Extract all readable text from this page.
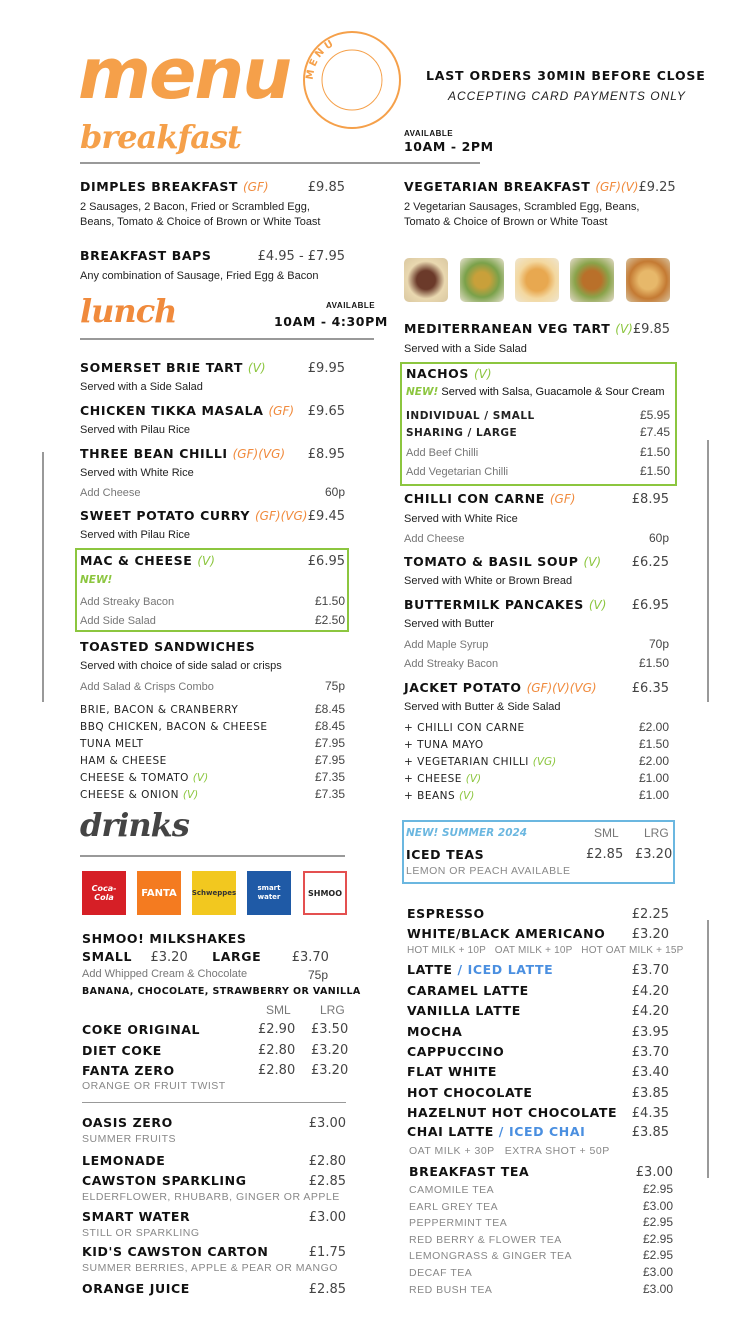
menu MENU
LAST ORDERS 30MIN BEFORE CLOSE
ACCEPTING CARD PAYMENTS ONLY
breakfast	AVAILABLE
10AM - 2PM
DIMPLES BREAKFAST (GF)	£9.85
2 Sausages, 2 Bacon, Fried or Scrambled Egg,
Beans, Tomato & Choice of Brown or White Toast
BREAKFAST BAPS	£4.95 - £7.95
Any combination of Sausage, Fried Egg & Bacon
VEGETARIAN BREAKFAST (GF)(V) £9.25
2 Vegetarian Sausages, Scrambled Egg, Beans,
Tomato & Choice of Brown or White Toast
lunch	AVAILABLE
10AM - 4:30PM
SOMERSET BRIE TART (V)	£9.95
Served with a Side Salad
CHICKEN TIKKA MASALA (GF) £9.65
Served with Pilau Rice
THREE BEAN CHILLI (GF)(VG) £8.95
Served with White Rice
Add Cheese	60p
SWEET POTATO CURRY (GF)(VG) £9.45
Served with Pilau Rice
MAC & CHEESE (V)	£6.95
NEW!
Add Streaky Bacon	£1.50
Add Side Salad	£2.50
TOASTED SANDWICHES
Served with choice of side salad or crisps
Add Salad & Crisps Combo	75p
BRIE, BACON & CRANBERRY	£8.45
BBQ CHICKEN, BACON & CHEESE	£8.45
TUNA MELT	£7.95
HAM & CHEESE	£7.95
CHEESE & TOMATO (V)	£7.35
CHEESE & ONION (V)	£7.35
MEDITERRANEAN VEG TART (V) £9.85
Served with a Side Salad
NACHOS (V)
NEW! Served with Salsa, Guacamole & Sour Cream
INDIVIDUAL / SMALL	£5.95
SHARING / LARGE	£7.45
Add Beef Chilli	£1.50
Add Vegetarian Chilli	£1.50
CHILLI CON CARNE (GF)	£8.95
Served with White Rice
Add Cheese	60p
TOMATO & BASIL SOUP (V) £6.25
Served with White or Brown Bread
BUTTERMILK PANCAKES (V) £6.95
Served with Butter
Add Maple Syrup	70p
Add Streaky Bacon	£1.50
JACKET POTATO (GF)(V)(VG)	£6.35
Served with Butter & Side Salad
+ CHILLI CON CARNE	£2.00
+ TUNA MAYO	£1.50
+ VEGETARIAN CHILLI (VG)	£2.00
+ CHEESE (V)	£1.00
+ BEANS (V)	£1.00
drinks
Coca-Cola	FANTA	Schweppes
smart water	SHMOO
SHMOO! MILKSHAKES
SMALL £3.20 LARGE £3.70
Add Whipped Cream & Chocolate	75p
BANANA, CHOCOLATE, STRAWBERRY OR VANILLA
SML LRG
COKE ORIGINAL	£2.90 £3.50
DIET COKE	£2.80 £3.20
FANTA ZERO	£2.80 £3.20
ORANGE OR FRUIT TWIST
OASIS ZERO	£3.00
SUMMER FRUITS
LEMONADE	£2.80
CAWSTON SPARKLING	£2.85
ELDERFLOWER, RHUBARB, GINGER OR APPLE
SMART WATER	£3.00
STILL OR SPARKLING
KID'S CAWSTON CARTON	£1.75
SUMMER BERRIES, APPLE & PEAR OR MANGO
ORANGE JUICE	£2.85
NEW! SUMMER 2024	SML LRG
ICED TEAS	£2.85 £3.20
LEMON OR PEACH AVAILABLE
ESPRESSO	£2.25
WHITE/BLACK AMERICANO £3.20
HOT MILK + 10P   OAT MILK + 10P   HOT OAT MILK + 15P
LATTE / ICED LATTE	£3.70
CARAMEL LATTE	£4.20
VANILLA LATTE	£4.20
MOCHA	£3.95
CAPPUCCINO	£3.70
FLAT WHITE	£3.40
HOT CHOCOLATE	£3.85
HAZELNUT HOT CHOCOLATE £4.35
CHAI LATTE / ICED CHAI	£3.85
OAT MILK + 30P   EXTRA SHOT + 50P
BREAKFAST TEA	£3.00
CAMOMILE TEA	£2.95
EARL GREY TEA	£3.00
PEPPERMINT TEA	£2.95
RED BERRY & FLOWER TEA	£2.95
LEMONGRASS & GINGER TEA	£2.95
DECAF TEA	£3.00
RED BUSH TEA	£3.00
